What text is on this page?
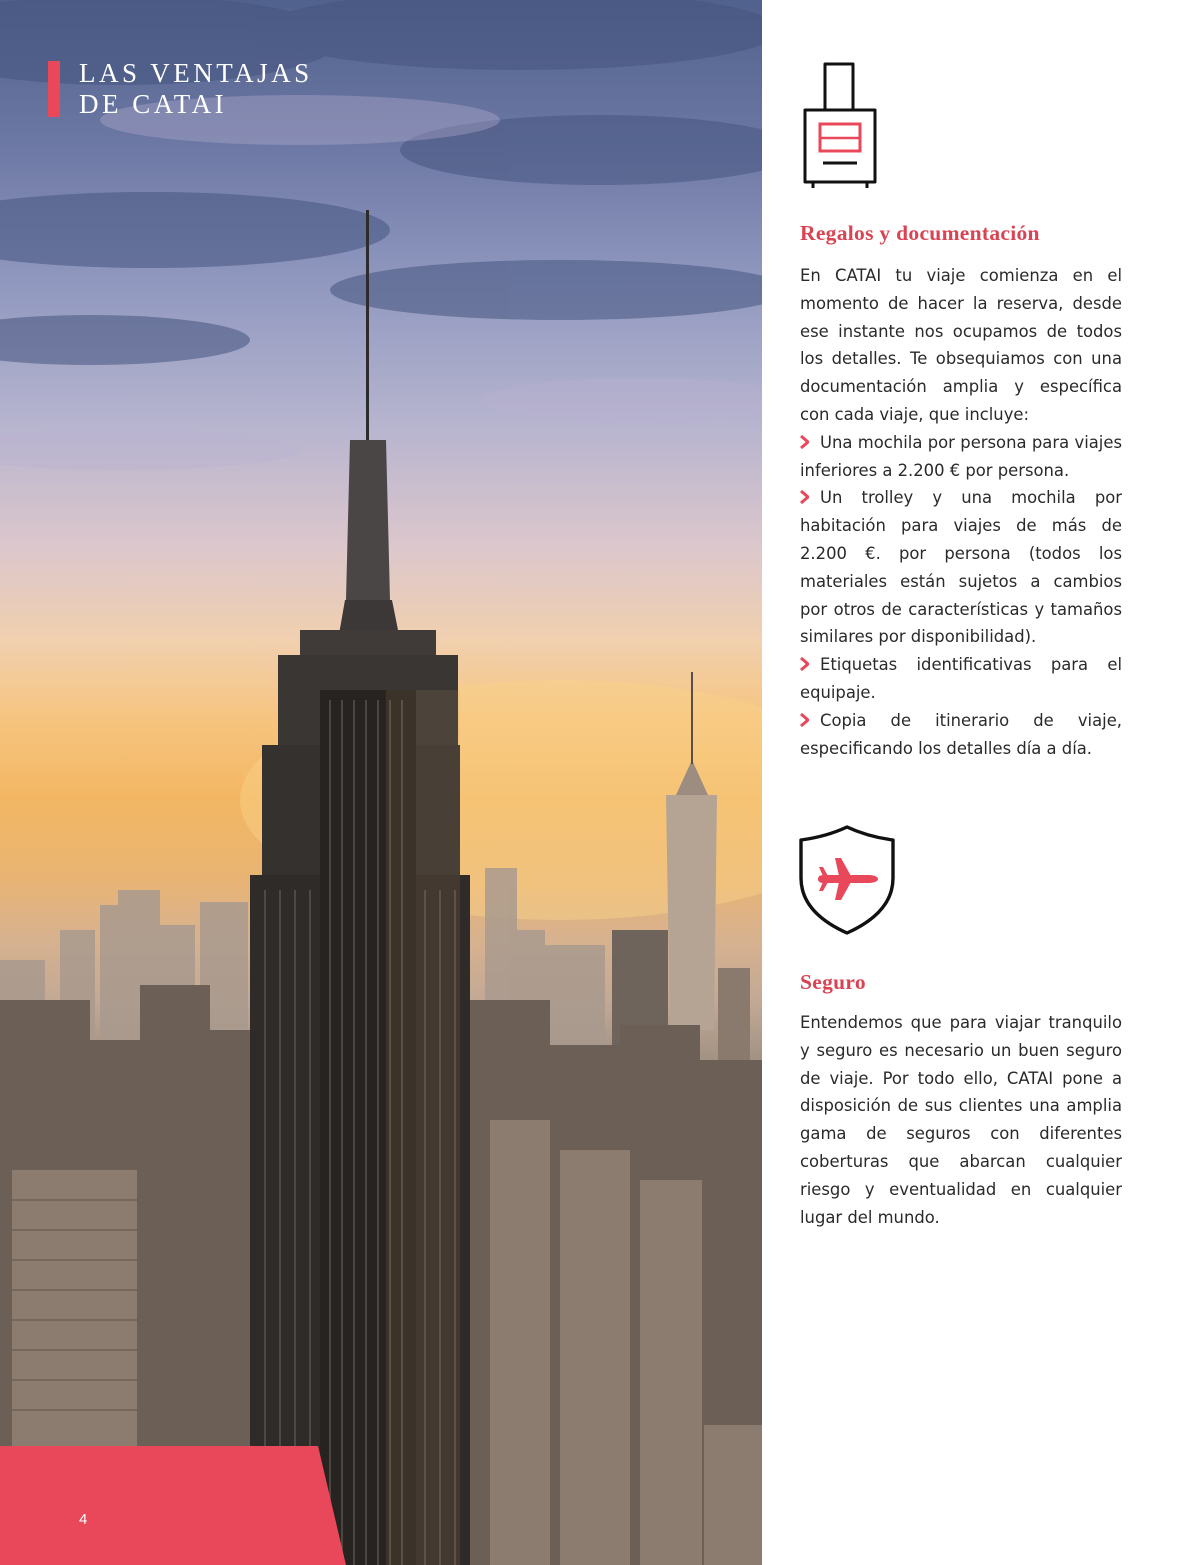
LAS VENTAJAS
DE CATAI
4
Regalos y documentación

En CATAI tu viaje comienza en el momento de hacer la reserva, desde ese instante nos ocupamos de todos los detalles. Te obsequiamos con una documentación amplia y específica con cada viaje, que incluye:

Una mochila por persona para viajes inferiores a 2.200 € por persona.
Un trolley y una mochila por habitación para viajes de más de 2.200 €. por persona (todos los materiales están sujetos a cambios por otros de características y tamaños similares por disponibilidad).
Etiquetas identificativas para el equipaje.
Copia de itinerario de viaje, especificando los detalles día a día.
Seguro

Entendemos que para viajar tranquilo y seguro es necesario un buen seguro de viaje. Por todo ello, CATAI pone a disposición de sus clientes una amplia gama de seguros con diferentes coberturas que abarcan cualquier riesgo y eventualidad en cualquier lugar del mundo.
